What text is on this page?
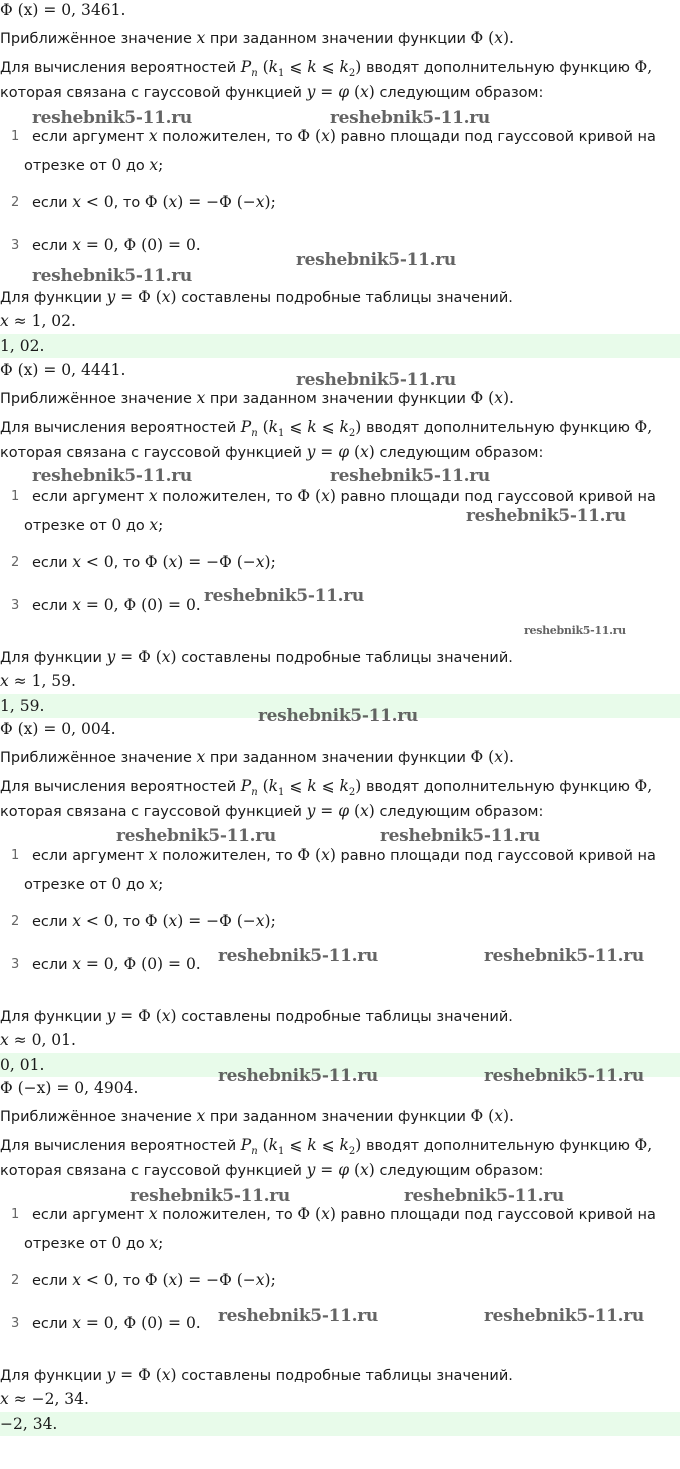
Φ (x) = 0, 3461.
Приближённое значение x при заданном значении функции Φ (x).
Для вычисления вероятностей $P_n$ ($k_1$ ⩽ k ⩽ $k_2$) вводят дополнительную функцию Φ,
которая связана с гауссовой функцией y = φ (x) следующим образом:
1 если аргумент x положителен, то Φ (x) равно площади под гауссовой кривой на
отрезке от 0 до x;
2 если x < 0, то Φ (x) = −Φ (−x);
3 если x = 0, Φ (0) = 0.
Для функции y = Φ (x) составлены подробные таблицы значений.
x ≈ 1, 02.
1, 02.
Φ (x) = 0, 4441.
Приближённое значение x при заданном значении функции Φ (x).
Для вычисления вероятностей $P_n$ ($k_1$ ⩽ k ⩽ $k_2$) вводят дополнительную функцию Φ,
которая связана с гауссовой функцией y = φ (x) следующим образом:
1 если аргумент x положителен, то Φ (x) равно площади под гауссовой кривой на
отрезке от 0 до x;
2 если x < 0, то Φ (x) = −Φ (−x);
3 если x = 0, Φ (0) = 0.
Для функции y = Φ (x) составлены подробные таблицы значений.
x ≈ 1, 59.
1, 59.
Φ (x) = 0, 004.
Приближённое значение x при заданном значении функции Φ (x).
Для вычисления вероятностей $P_n$ ($k_1$ ⩽ k ⩽ $k_2$) вводят дополнительную функцию Φ,
которая связана с гауссовой функцией y = φ (x) следующим образом:
1 если аргумент x положителен, то Φ (x) равно площади под гауссовой кривой на
отрезке от 0 до x;
2 если x < 0, то Φ (x) = −Φ (−x);
3 если x = 0, Φ (0) = 0.
Для функции y = Φ (x) составлены подробные таблицы значений.
x ≈ 0, 01.
0, 01.
Φ (−x) = 0, 4904.
Приближённое значение x при заданном значении функции Φ (x).
Для вычисления вероятностей $P_n$ ($k_1$ ⩽ k ⩽ $k_2$) вводят дополнительную функцию Φ,
которая связана с гауссовой функцией y = φ (x) следующим образом:
1 если аргумент x положителен, то Φ (x) равно площади под гауссовой кривой на
отрезке от 0 до x;
2 если x < 0, то Φ (x) = −Φ (−x);
3 если x = 0, Φ (0) = 0.
Для функции y = Φ (x) составлены подробные таблицы значений.
x ≈ −2, 34.
−2, 34.
reshebnik5-11.ru	reshebnik5-11.ru
reshebnik5-11.ru
reshebnik5-11.ru
reshebnik5-11.ru
reshebnik5-11.ru	reshebnik5-11.ru
reshebnik5-11.ru
reshebnik5-11.ru
reshebnik5-11.ru
reshebnik5-11.ru
reshebnik5-11.ru	reshebnik5-11.ru
reshebnik5-11.ru	reshebnik5-11.ru
reshebnik5-11.ru	reshebnik5-11.ru
reshebnik5-11.ru	reshebnik5-11.ru
reshebnik5-11.ru	reshebnik5-11.ru
